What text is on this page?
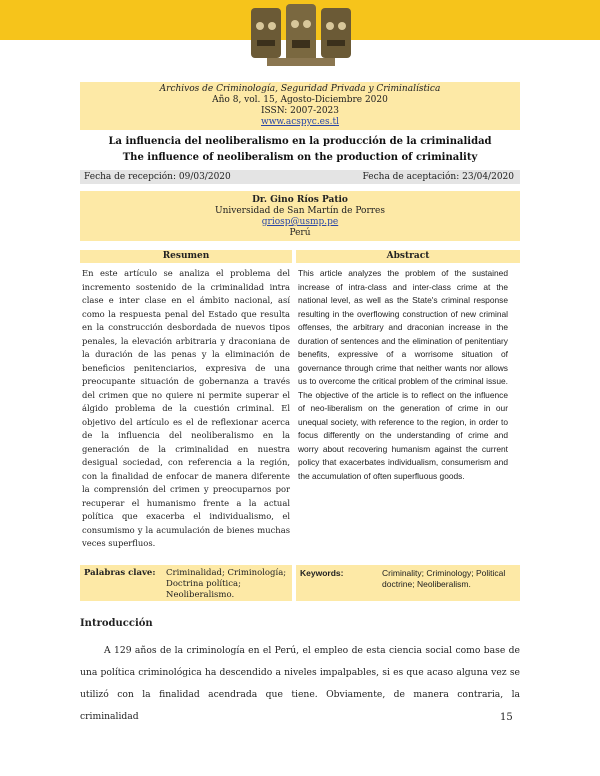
Archivos de Criminología, Seguridad Privada y Criminalística
Año 8, vol. 15, Agosto-Diciembre 2020
ISSN: 2007-2023
www.acspyc.es.tl
La influencia del neoliberalismo en la producción de la criminalidad
The influence of neoliberalism on the production of criminality
Fecha de recepción: 09/03/2020	Fecha de aceptación: 23/04/2020
Dr. Gino Ríos Patio
Universidad de San Martín de Porres
griosp@usmp.pe
Perú
Resumen	Abstract
En este artículo se analiza el problema del incremento sostenido de la criminalidad intra clase e inter clase en el ámbito nacional, así como la respuesta penal del Estado que resulta en la construcción desbordada de nuevos tipos penales, la elevación arbitraria y draconiana de la duración de las penas y la eliminación de beneficios penitenciarios, expresiva de una preocupante situación de gobernanza a través del crimen que no quiere ni permite superar el álgido problema de la cuestión criminal. El objetivo del artículo es el de reflexionar acerca de la influencia del neoliberalismo en la generación de la criminalidad en nuestra desigual sociedad, con referencia a la región, con la finalidad de enfocar de manera diferente la comprensión del crimen y preocuparnos por recuperar el humanismo frente a la actual política que exacerba el individualismo, el consumismo y la acumulación de bienes muchas veces superfluos.
This article analyzes the problem of the sustained increase of intra-class and inter-class crime at the national level, as well as the State's criminal response resulting in the overflowing construction of new criminal offenses, the arbitrary and draconian increase in the duration of sentences and the elimination of penitentiary benefits, expressive of a worrisome situation of governance through crime that neither wants nor allows us to overcome the critical problem of the criminal issue. The objective of the article is to reflect on the influence of neo-liberalism on the generation of crime in our unequal society, with reference to the region, in order to focus differently on the understanding of crime and worry about recovering humanism against the current policy that exacerbates individualism, consumerism and the accumulation of often superfluous goods.
Palabras clave: Criminalidad; Criminología; Doctrina política; Neoliberalismo.
Keywords:	Criminality; Criminology; Political doctrine; Neoliberalism.
Introducción
A 129 años de la criminología en el Perú, el empleo de esta ciencia social como base de una política criminológica ha descendido a niveles impalpables, si es que acaso alguna vez se utilizó con la finalidad acendrada que tiene. Obviamente, de manera contraria, la criminalidad	15
